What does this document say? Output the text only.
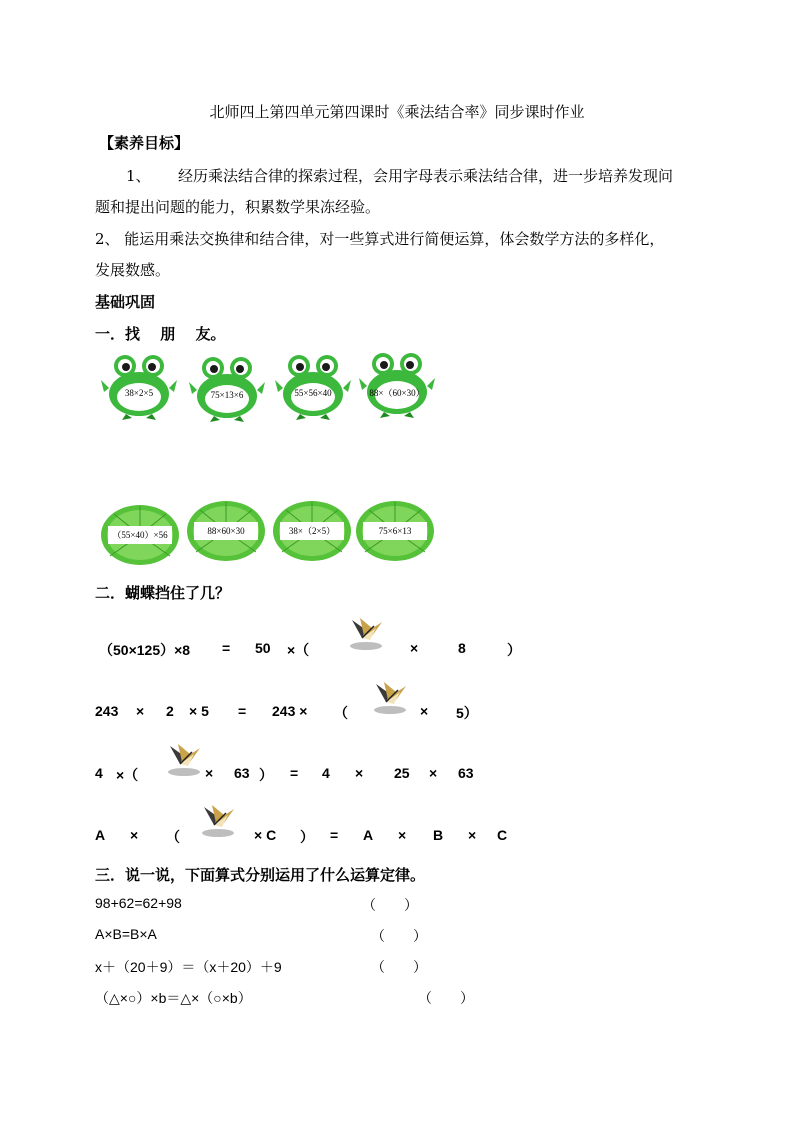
北师四上第四单元第四课时《乘法结合率》同步课时作业
【素养目标】
1、 经历乘法结合律的探索过程，会用字母表示乘法结合律，进一步培养发现问
题和提出问题的能力，积累数学果冻经验。
2、 能运用乘法交换律和结合律，对一些算式进行简便运算，体会数学方法的多样化，
发展数感。
基础巩固
一．找　 朋　 友。
38×2×5	75×13×6	55×56×40	88×（60×30）
（55×40）×56	88×60×30	38×（2×5）	75×6×13
二．蝴蝶挡住了几？
（50×125）×8 = 50 ×（	×	8	）
243 × 2 × 5 = 243 × （	× 5）
4 ×（	× 63 ） = 4 × 25 × 63
A × （	× C ） = A × B × C
三．说一说，下面算式分别运用了什么运算定律。
98+62=62+98	（　　）
A×B=B×A	（　　）
x＋（20＋9）＝（x＋20）＋9	（　　）
（△×○）×b＝△×（○×b）	（　　）
